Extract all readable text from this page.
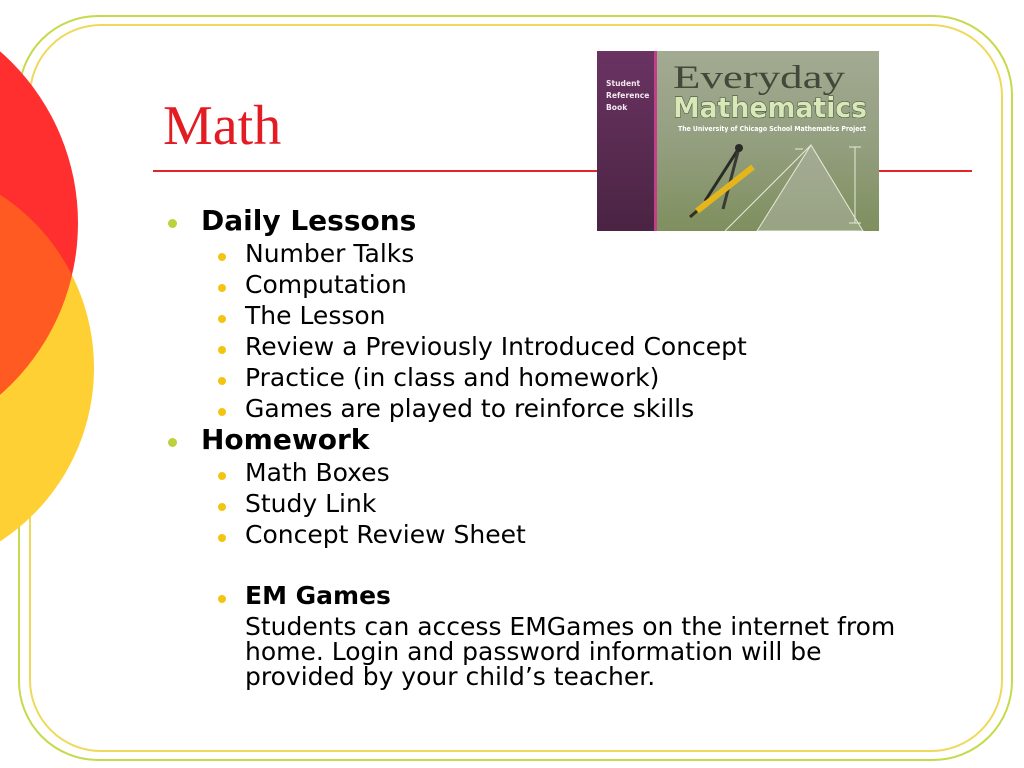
Math
Student
Reference
Book
Everyday
Mathematics
The University of Chicago School Mathematics Project
Daily Lessons
Number Talks
Computation
The Lesson
Review a Previously Introduced Concept
Practice (in class and homework)
Games are played to reinforce skills
Homework
Math Boxes
Study Link
Concept Review Sheet
EM Games
Students can access EMGames on the internet from home. Login and password information will be provided by your child’s teacher.
